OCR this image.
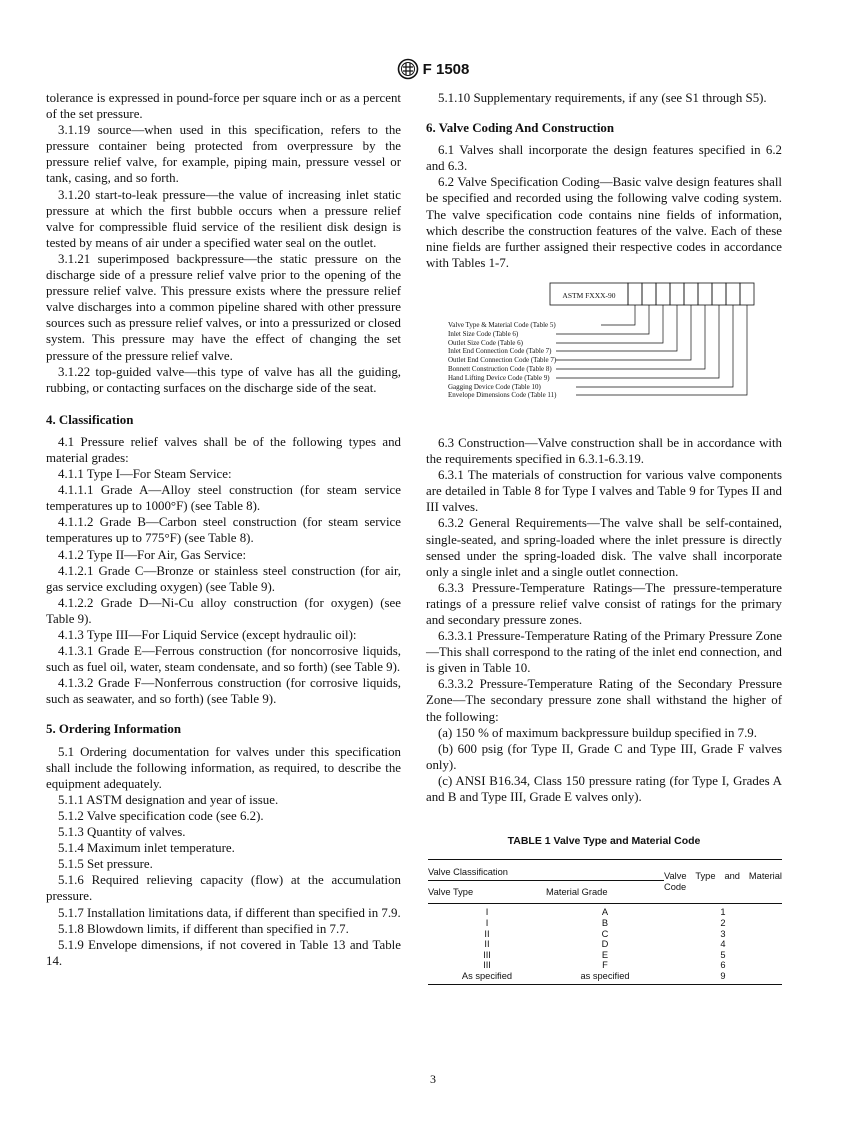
F 1508

tolerance is expressed in pound-force per square inch or as a percent of the set pressure.

3.1.19 source—when used in this specification, refers to the pressure container being protected from overpressure by the pressure relief valve, for example, piping main, pressure vessel or tank, casing, and so forth.

3.1.20 start-to-leak pressure—the value of increasing inlet static pressure at which the first bubble occurs when a pressure relief valve for compressible fluid service of the resilient disk design is tested by means of air under a specified water seal on the outlet.

3.1.21 superimposed backpressure—the static pressure on the discharge side of a pressure relief valve prior to the opening of the pressure relief valve. This pressure exists where the pressure relief valve discharges into a common pipeline shared with other pressure sources such as pressure relief valves, or into a pressurized or closed system. This pressure may have the effect of changing the set pressure of the pressure relief valve.

3.1.22 top-guided valve—this type of valve has all the guiding, rubbing, or contacting surfaces on the discharge side of the seat.

4. Classification

4.1 Pressure relief valves shall be of the following types and material grades:

4.1.1 Type I—For Steam Service:

4.1.1.1 Grade A—Alloy steel construction (for steam service temperatures up to 1000°F) (see Table 8).

4.1.1.2 Grade B—Carbon steel construction (for steam service temperatures up to 775°F) (see Table 8).

4.1.2 Type II—For Air, Gas Service:

4.1.2.1 Grade C—Bronze or stainless steel construction (for air, gas service excluding oxygen) (see Table 9).

4.1.2.2 Grade D—Ni-Cu alloy construction (for oxygen) (see Table 9).

4.1.3 Type III—For Liquid Service (except hydraulic oil):

4.1.3.1 Grade E—Ferrous construction (for noncorrosive liquids, such as fuel oil, water, steam condensate, and so forth) (see Table 9).

4.1.3.2 Grade F—Nonferrous construction (for corrosive liquids, such as seawater, and so forth) (see Table 9).

5. Ordering Information

5.1 Ordering documentation for valves under this specification shall include the following information, as required, to describe the equipment adequately.

5.1.1 ASTM designation and year of issue.

5.1.2 Valve specification code (see 6.2).

5.1.3 Quantity of valves.

5.1.4 Maximum inlet temperature.

5.1.5 Set pressure.

5.1.6 Required relieving capacity (flow) at the accumulation pressure.

5.1.7 Installation limitations data, if different than specified in 7.9.

5.1.8 Blowdown limits, if different than specified in 7.7.

5.1.9 Envelope dimensions, if not covered in Table 13 and Table 14.

5.1.10 Supplementary requirements, if any (see S1 through S5).

6. Valve Coding And Construction

6.1 Valves shall incorporate the design features specified in 6.2 and 6.3.

6.2 Valve Specification Coding—Basic valve design features shall be specified and recorded using the following valve coding system. The valve specification code contains nine fields of information, which describe the construction features of the valve. Each of these nine fields are further assigned their respective codes in accordance with Tables 1-7.

ASTM FXXX-90
Valve Type & Material Code (Table 5)
Inlet Size Code (Table 6)
Outlet Size Code (Table 6)
Inlet End Connection Code (Table 7)
Outlet End Connection Code (Table 7)
Bonnett Construction Code (Table 8)
Hand Lifting Device Code (Table 9)
Gagging Device Code (Table 10)
Envelope Dimensions Code (Table 11)

6.3 Construction—Valve construction shall be in accordance with the requirements specified in 6.3.1-6.3.19.

6.3.1 The materials of construction for various valve components are detailed in Table 8 for Type I valves and Table 9 for Types II and III valves.

6.3.2 General Requirements—The valve shall be self-contained, single-seated, and spring-loaded where the inlet pressure is directly sensed under the spring-loaded disk. The valve shall incorporate only a single inlet and a single outlet connection.

6.3.3 Pressure-Temperature Ratings—The pressure-temperature ratings of a pressure relief valve consist of ratings for the primary and secondary pressure zones.

6.3.3.1 Pressure-Temperature Rating of the Primary Pressure Zone—This shall correspond to the rating of the inlet end connection, and is given in Table 10.

6.3.3.2 Pressure-Temperature Rating of the Secondary Pressure Zone—The secondary pressure zone shall withstand the higher of the following:

(a) 150 % of maximum backpressure buildup specified in 7.9.

(b) 600 psig (for Type II, Grade C and Type III, Grade F valves only).

(c) ANSI B16.34, Class 150 pressure rating (for Type I, Grades A and B and Type III, Grade E valves only).

TABLE 1 Valve Type and Material Code
Valve Classification		Valve Type and Material Code
Valve Type	Material Grade	
I	A	1
I	B	2
II	C	3
II	D	4
III	E	5
III	F	6
As specified	as specified	9
3
